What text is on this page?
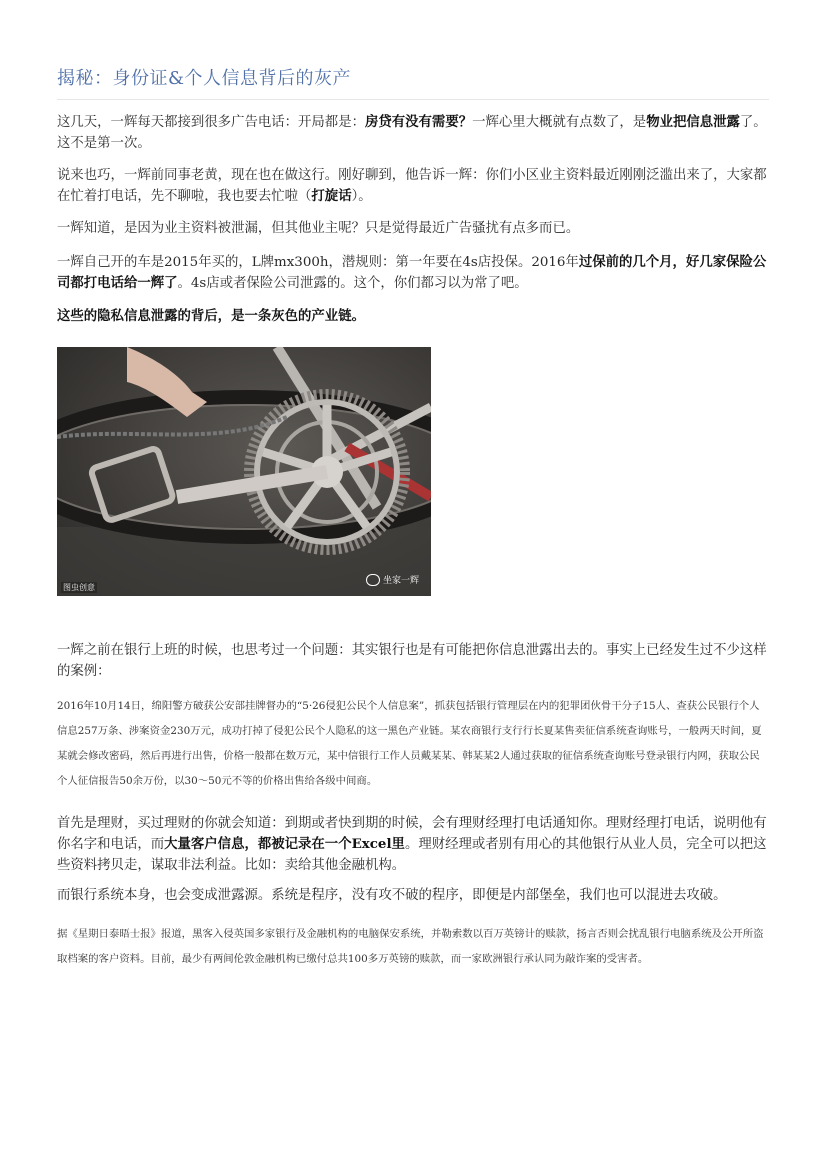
揭秘：身份证&个人信息背后的灰产
这几天，一辉每天都接到很多广告电话：开局都是：房贷有没有需要？一辉心里大概就有点数了，是物业把信息泄露了。这不是第一次。
说来也巧，一辉前同事老黄，现在也在做这行。刚好聊到，他告诉一辉：你们小区业主资料最近刚刚泛滥出来了，大家都在忙着打电话，先不聊啦，我也要去忙啦（打旋话）。
一辉知道，是因为业主资料被泄漏，但其他业主呢？只是觉得最近广告骚扰有点多而已。
一辉自己开的车是2015年买的，L牌mx300h，潜规则：第一年要在4s店投保。2016年过保前的几个月，好几家保险公司都打电话给一辉了。4s店或者保险公司泄露的。这个，你们都习以为常了吧。
这些的隐私信息泄露的背后，是一条灰色的产业链。
图虫创意
坐家一辉
一辉之前在银行上班的时候，也思考过一个问题：其实银行也是有可能把你信息泄露出去的。事实上已经发生过不少这样的案例：
2016年10月14日，绵阳警方破获公安部挂牌督办的“5·26侵犯公民个人信息案”，抓获包括银行管理层在内的犯罪团伙骨干分子15人、查获公民银行个人信息257万条、涉案资金230万元，成功打掉了侵犯公民个人隐私的这一黑色产业链。某农商银行支行行长夏某售卖征信系统查询账号，一般两天时间，夏某就会修改密码，然后再进行出售，价格一般都在数万元，某中信银行工作人员戴某某、韩某某2人通过获取的征信系统查询账号登录银行内网，获取公民个人征信报告50余万份，以30～50元不等的价格出售给各级中间商。
首先是理财，买过理财的你就会知道：到期或者快到期的时候，会有理财经理打电话通知你。理财经理打电话，说明他有你名字和电话，而大量客户信息，都被记录在一个Excel里。理财经理或者别有用心的其他银行从业人员，完全可以把这些资料拷贝走，谋取非法利益。比如：卖给其他金融机构。
而银行系统本身，也会变成泄露源。系统是程序，没有攻不破的程序，即便是内部堡垒，我们也可以混进去攻破。
据《星期日泰晤士报》报道，黑客入侵英国多家银行及金融机构的电脑保安系统，并勒索数以百万英镑计的赎款，扬言否则会扰乱银行电脑系统及公开所盗取档案的客户资料。目前，最少有两间伦敦金融机构已缴付总共100多万英镑的赎款，而一家欧洲银行承认同为敲诈案的受害者。
